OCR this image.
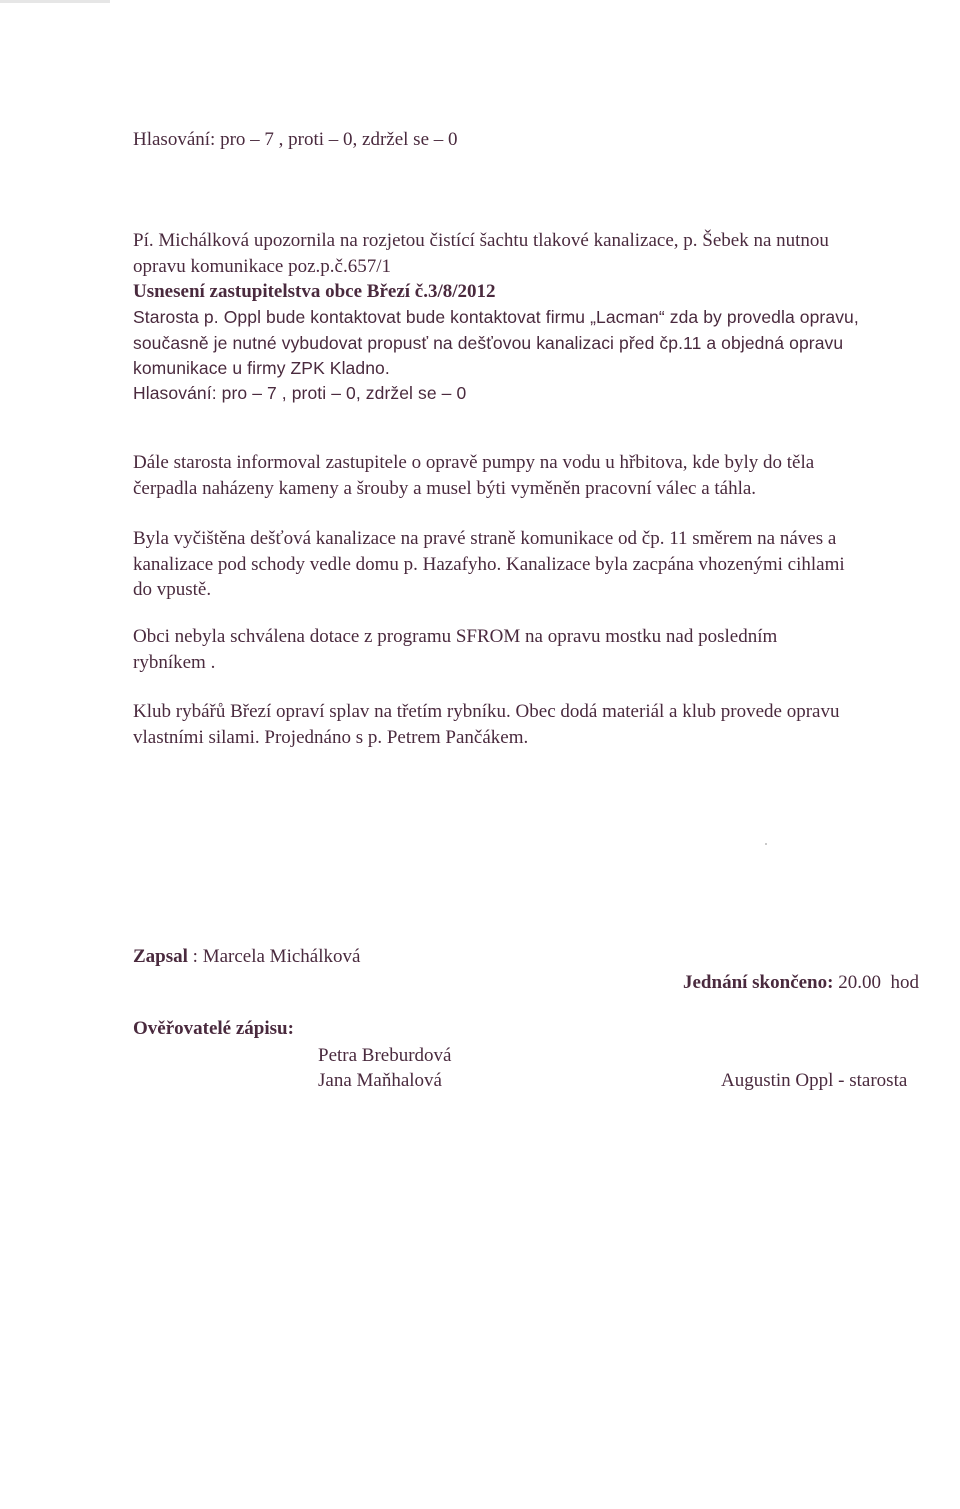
Hlasování: pro – 7 , proti – 0, zdržel se – 0
Pí. Michálková upozornila na rozjetou čistící šachtu tlakové kanalizace, p. Šebek na nutnou
opravu komunikace poz.p.č.657/1
Usnesení zastupitelstva obce Březí č.3/8/2012
Starosta p. Oppl bude kontaktovat bude kontaktovat firmu „Lacman“ zda by provedla opravu,
současně je nutné vybudovat propusť na dešťovou kanalizaci před čp.11 a objedná opravu
komunikace u firmy ZPK Kladno.
Hlasování: pro – 7 , proti – 0, zdržel se – 0
Dále starosta informoval zastupitele o opravě pumpy na vodu u hřbitova, kde byly do těla
čerpadla naházeny kameny a šrouby a musel býti vyměněn pracovní válec a táhla.
Byla vyčištěna dešťová kanalizace na pravé straně komunikace od čp. 11 směrem na náves a
kanalizace pod schody vedle domu p. Hazafyho. Kanalizace byla zacpána vhozenými cihlami
do vpustě.
Obci nebyla schválena dotace z programu SFROM na opravu mostku nad posledním
rybníkem .
Klub rybářů Březí opraví splav na třetím rybníku. Obec dodá materiál a klub provede opravu
vlastními silami. Projednáno s p. Petrem Pančákem.
Zapsal : Marcela Michálková
Jednání skončeno: 20.00  hod
Ověřovatelé zápisu:
Petra Breburdová
Jana Maňhalová	Augustin Oppl - starosta
